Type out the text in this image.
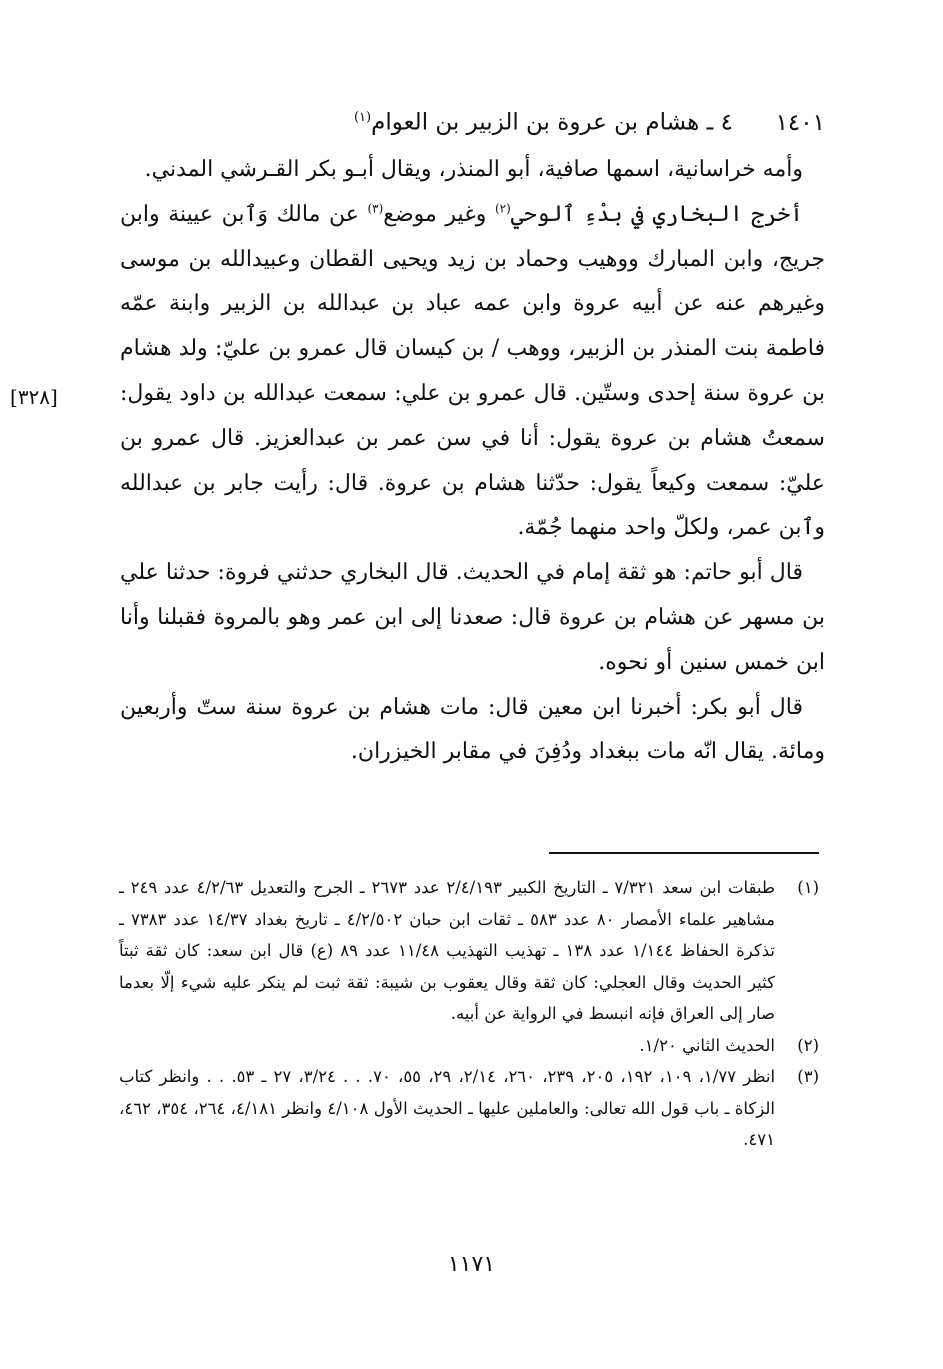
١٤٠١٤ ـ هشام بن عروة بن الزبير بن العوام$^{(١)}$
[٣٢٨]

وأمه خراسانية، اسمها صافية، أبو المنذر، ويقال أبـو بكر القـرشي المدني.

أخرج البخاري في بدْءِ ٱلوحي$^{(٢)}$ وغير موضع$^{(٣)}$ عن مالك وَٱبن عيينة وابن جريج، وابن المبارك ووهيب وحماد بن زيد ويحيى القطان وعبيدالله بن موسى وغيرهم عنه عن أبيه عروة وابن عمه عباد بن عبدالله بن الزبير وابنة عمّه فاطمة بنت المنذر بن الزبير، ووهب / بن كيسان قال عمرو بن عليّ: ولد هشام بن عروة سنة إحدى وستّين. قال عمرو بن علي: سمعت عبدالله بن داود يقول: سمعتُ هشام بن عروة يقول: أنا في سن عمر بن عبدالعزيز. قال عمرو بن عليّ: سمعت وكيعاً يقول: حدّثنا هشام بن عروة. قال: رأيت جابر بن عبدالله وٱبن عمر، ولكلّ واحد منهما جُمّة.

قال أبو حاتم: هو ثقة إمام في الحديث. قال البخاري حدثني فروة: حدثنا علي بن مسهر عن هشام بن عروة قال: صعدنا إلى ابن عمر وهو بالمروة فقبلنا وأنا ابن خمس سنين أو نحوه.

قال أبو بكر: أخبرنا ابن معين قال: مات هشام بن عروة سنة ستّ وأربعين ومائة. يقال انّه مات ببغداد ودُفِنَ في مقابر الخيزران.

(١)
طبقات ابن سعد ٧/٣٢١ ـ التاريخ الكبير ٢/٤/١٩٣ عدد ٢٦٧٣ ـ الجرح والتعديل ٤/٢/٦٣ عدد ٢٤٩ ـ مشاهير علماء الأمصار ٨٠ عدد ٥٨٣ ـ ثقات ابن حبان ٤/٢/٥٠٢ ـ تاريخ بغداد ١٤/٣٧ عدد ٧٣٨٣ ـ تذكرة الحفاظ ١/١٤٤ عدد ١٣٨ ـ تهذيب التهذيب ١١/٤٨ عدد ٨٩ (ع) قال ابن سعد: كان ثقة ثبتاً كثير الحديث وقال العجلي: كان ثقة وقال يعقوب بن شيبة: ثقة ثبت لم ينكر عليه شيء إلّا بعدما صار إلى العراق فإنه انبسط في الرواية عن أبيه.
(٢)
الحديث الثاني ١/٢٠.
(٣)
انظر ١/٧٧، ١٠٩، ١٩٢، ٢٠٥، ٢٣٩، ٢٦٠، ٢/١٤، ٢٩، ٥٥، ٧٠. . . ٣/٢٤، ٢٧ ـ ٥٣. . . وانظر كتاب الزكاة ـ باب قول الله تعالى: والعاملين عليها ـ الحديث الأول ٤/١٠٨ وانظر ٤/١٨١، ٢٦٤، ٣٥٤، ٤٦٢، ٤٧١.
١١٧١
